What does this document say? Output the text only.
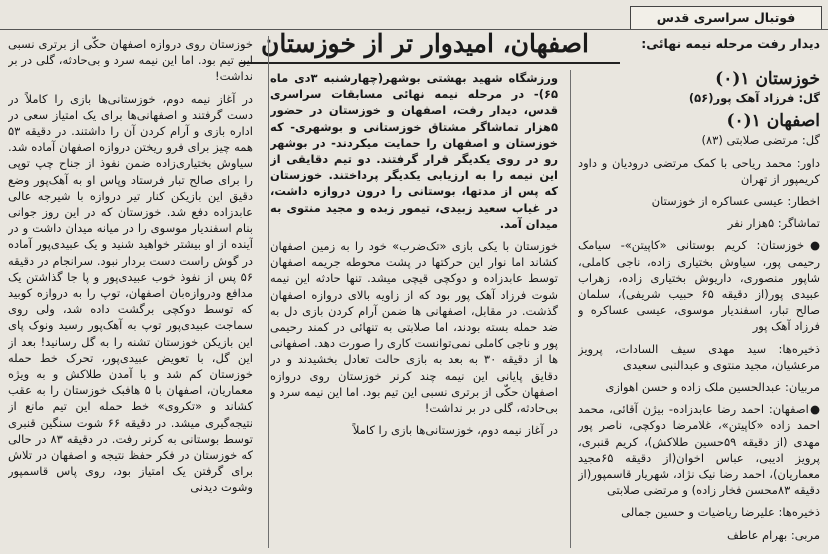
فوتبال سراسری قدس
اصفهان، امیدوار تر از خوزستان	دیدار رفت مرحله نیمه نهائی:

خوزستان ۱(۰)

گل: فرزاد آهک پور(۵۶)

اصفهان ۱(۰)

گل: مرتضی صلابتی (۸۳)

داور: محمد ریاحی با کمک مرتضی درودیان و داود کریمپور از تهران

اخطار: عیسی عساکره از خوزستان

تماشاگر: ۵هزار نفر

●خوزستان: کریم بوستانی «کاپیتن»- سیامک رحیمی پور، سیاوش بختیاری زاده، ناجی کاملی، شاپور منصوری، داریوش بختیاری زاده، زهراب عبیدی پور(از دقیقه ۶۵ حبیب شریفی)، سلمان صالح تبار، اسفندیار موسوی، عیسی عساکره و فرزاد آهک پور

ذخیره‌ها: سید مهدی سیف السادات، پرویز مرعشیان، مجید منتوی و عبدالنبی سعیدی

مربیان: عبدالحسین ملک زاده و حسن اهوازی

●اصفهان: احمد رضا عابدزاده- بیژن آقائی، محمد احمد زاده «کاپیتن»، غلامرضا دوکچی، ناصر پور مهدی (از دقیقه ۵۹حسین طلاکش)، کریم قنبری، پرویز ادیبی، عباس اخوان(از دقیقه ۶۵مجید معماریان)، احمد رضا نیک نژاد، شهریار قاسمپور(از دقیقه ۸۳محسن فخار زاده) و مرتضی صلابتی

ذخیره‌ها: علیرضا ریاضیات و حسین جمالی

مربی: بهرام عاطف

ورزشگاه شهید بهشتی بوشهر(چهارشنبه ۳دی ماه ۶۵)- در مرحله نیمه نهائی مسابقات سراسری قدس، دیدار رفت، اصفهان و خوزستان در حضور ۵هزار تماشاگر مشتاق خوزستانی و بوشهری- که خوزستان و اصفهان را حمایت میکردند- در بوشهر رو در روی یکدیگر قرار گرفتند. دو تیم دقایقی از این نیمه را به ارزیابی یکدیگر پرداختند. خوزستان که پس از مدتها، بوستانی را درون دروازه داشت، در غیاب سعید زبیدی، تیمور زبده و مجید منتوی به میدان آمد.

خوزستان با یکی بازی «تک‌ضرب» خود را به زمین اصفهان کشاند اما نوار این حرکتها در پشت محوطه جریمه اصفهان توسط عابدزاده و دوکچی قیچی میشد. تنها حادثه این نیمه شوت فرزاد آهک پور بود که از زاویه بالای دروازه اصفهان گذشت. در مقابل، اصفهانی ها ضمن آرام کردن بازی دل به ضد حمله بسته بودند، اما صلابتی به تنهائی در کمند رحیمی پور و ناجی کاملی نمی‌توانست کاری را صورت دهد. اصفهانی ها از دقیقه ۳۰ به بعد به بازی حالت تعادل بخشیدند و در دقایق پایانی این نیمه چند کرنر خوزستان روی دروازه اصفهان حکّی از برتری نسبی این تیم بود. اما این نیمه سرد و بی‌حادثه، گلی در بر نداشت!

در آغاز نیمه دوم، خوزستانی‌ها بازی را کاملاً

خوزستان روی دروازه اصفهان حکّی از برتری نسبی این تیم بود. اما این نیمه سرد و بی‌حادثه، گلی در بر نداشت!

در آغاز نیمه دوم، خوزستانی‌ها بازی را کاملاً در دست گرفتند و اصفهانی‌ها برای یک امتیاز سعی در اداره بازی و آرام کردن آن را داشتند. در دقیقه ۵۳ همه چیز برای فرو ریختن دروازه اصفهان آماده شد. سیاوش بختیاری‌زاده ضمن نفوذ از جناح چپ توپی را برای صالح تبار فرستاد وپاس او به آهک‌پور وضع دقیق این بازیکن کنار تیر دروازه با شیرجه عالی عابدزاده دفع شد. خوزستان که در این روز جوانی بنام اسفندیار موسوی را در میانه میدان داشت و در آینده از او بیشتر خواهید شنید و یک عبیدی‌پور آماده در گوش راست دست بردار نبود. سرانجام در دقیقه ۵۶ پس از نفوذ خوب عبیدی‌پور و پا جا گذاشتن یک مدافع ودروازه‌بان اصفهان، توپ را به دروازه کوبید که توسط دوکچی برگشت داده شد، ولی روی سماجت عبیدی‌پور توپ به آهک‌پور رسید ونوک پای این بازیکن خوزستان تشنه را به گل رسانید! بعد از این گل، با تعویض عبیدی‌پور، تحرک خط حمله خوزستان کم شد و با آمدن طلاکش و به ویژه معماریان، اصفهان با ۵ هافبک خوزستان را به عقب کشاند و «تکروی» خط حمله این تیم مانع از نتیجه‌گیری میشد. در دقیقه ۶۶ شوت سنگین قنبری توسط بوستانی به کرنر رفت. در دقیقه ۸۳ در حالی که خوزستان در فکر حفظ نتیجه و اصفهان در تلاش برای گرفتن یک امتیاز بود، روی پاس قاسمپور وشوت دیدنی
